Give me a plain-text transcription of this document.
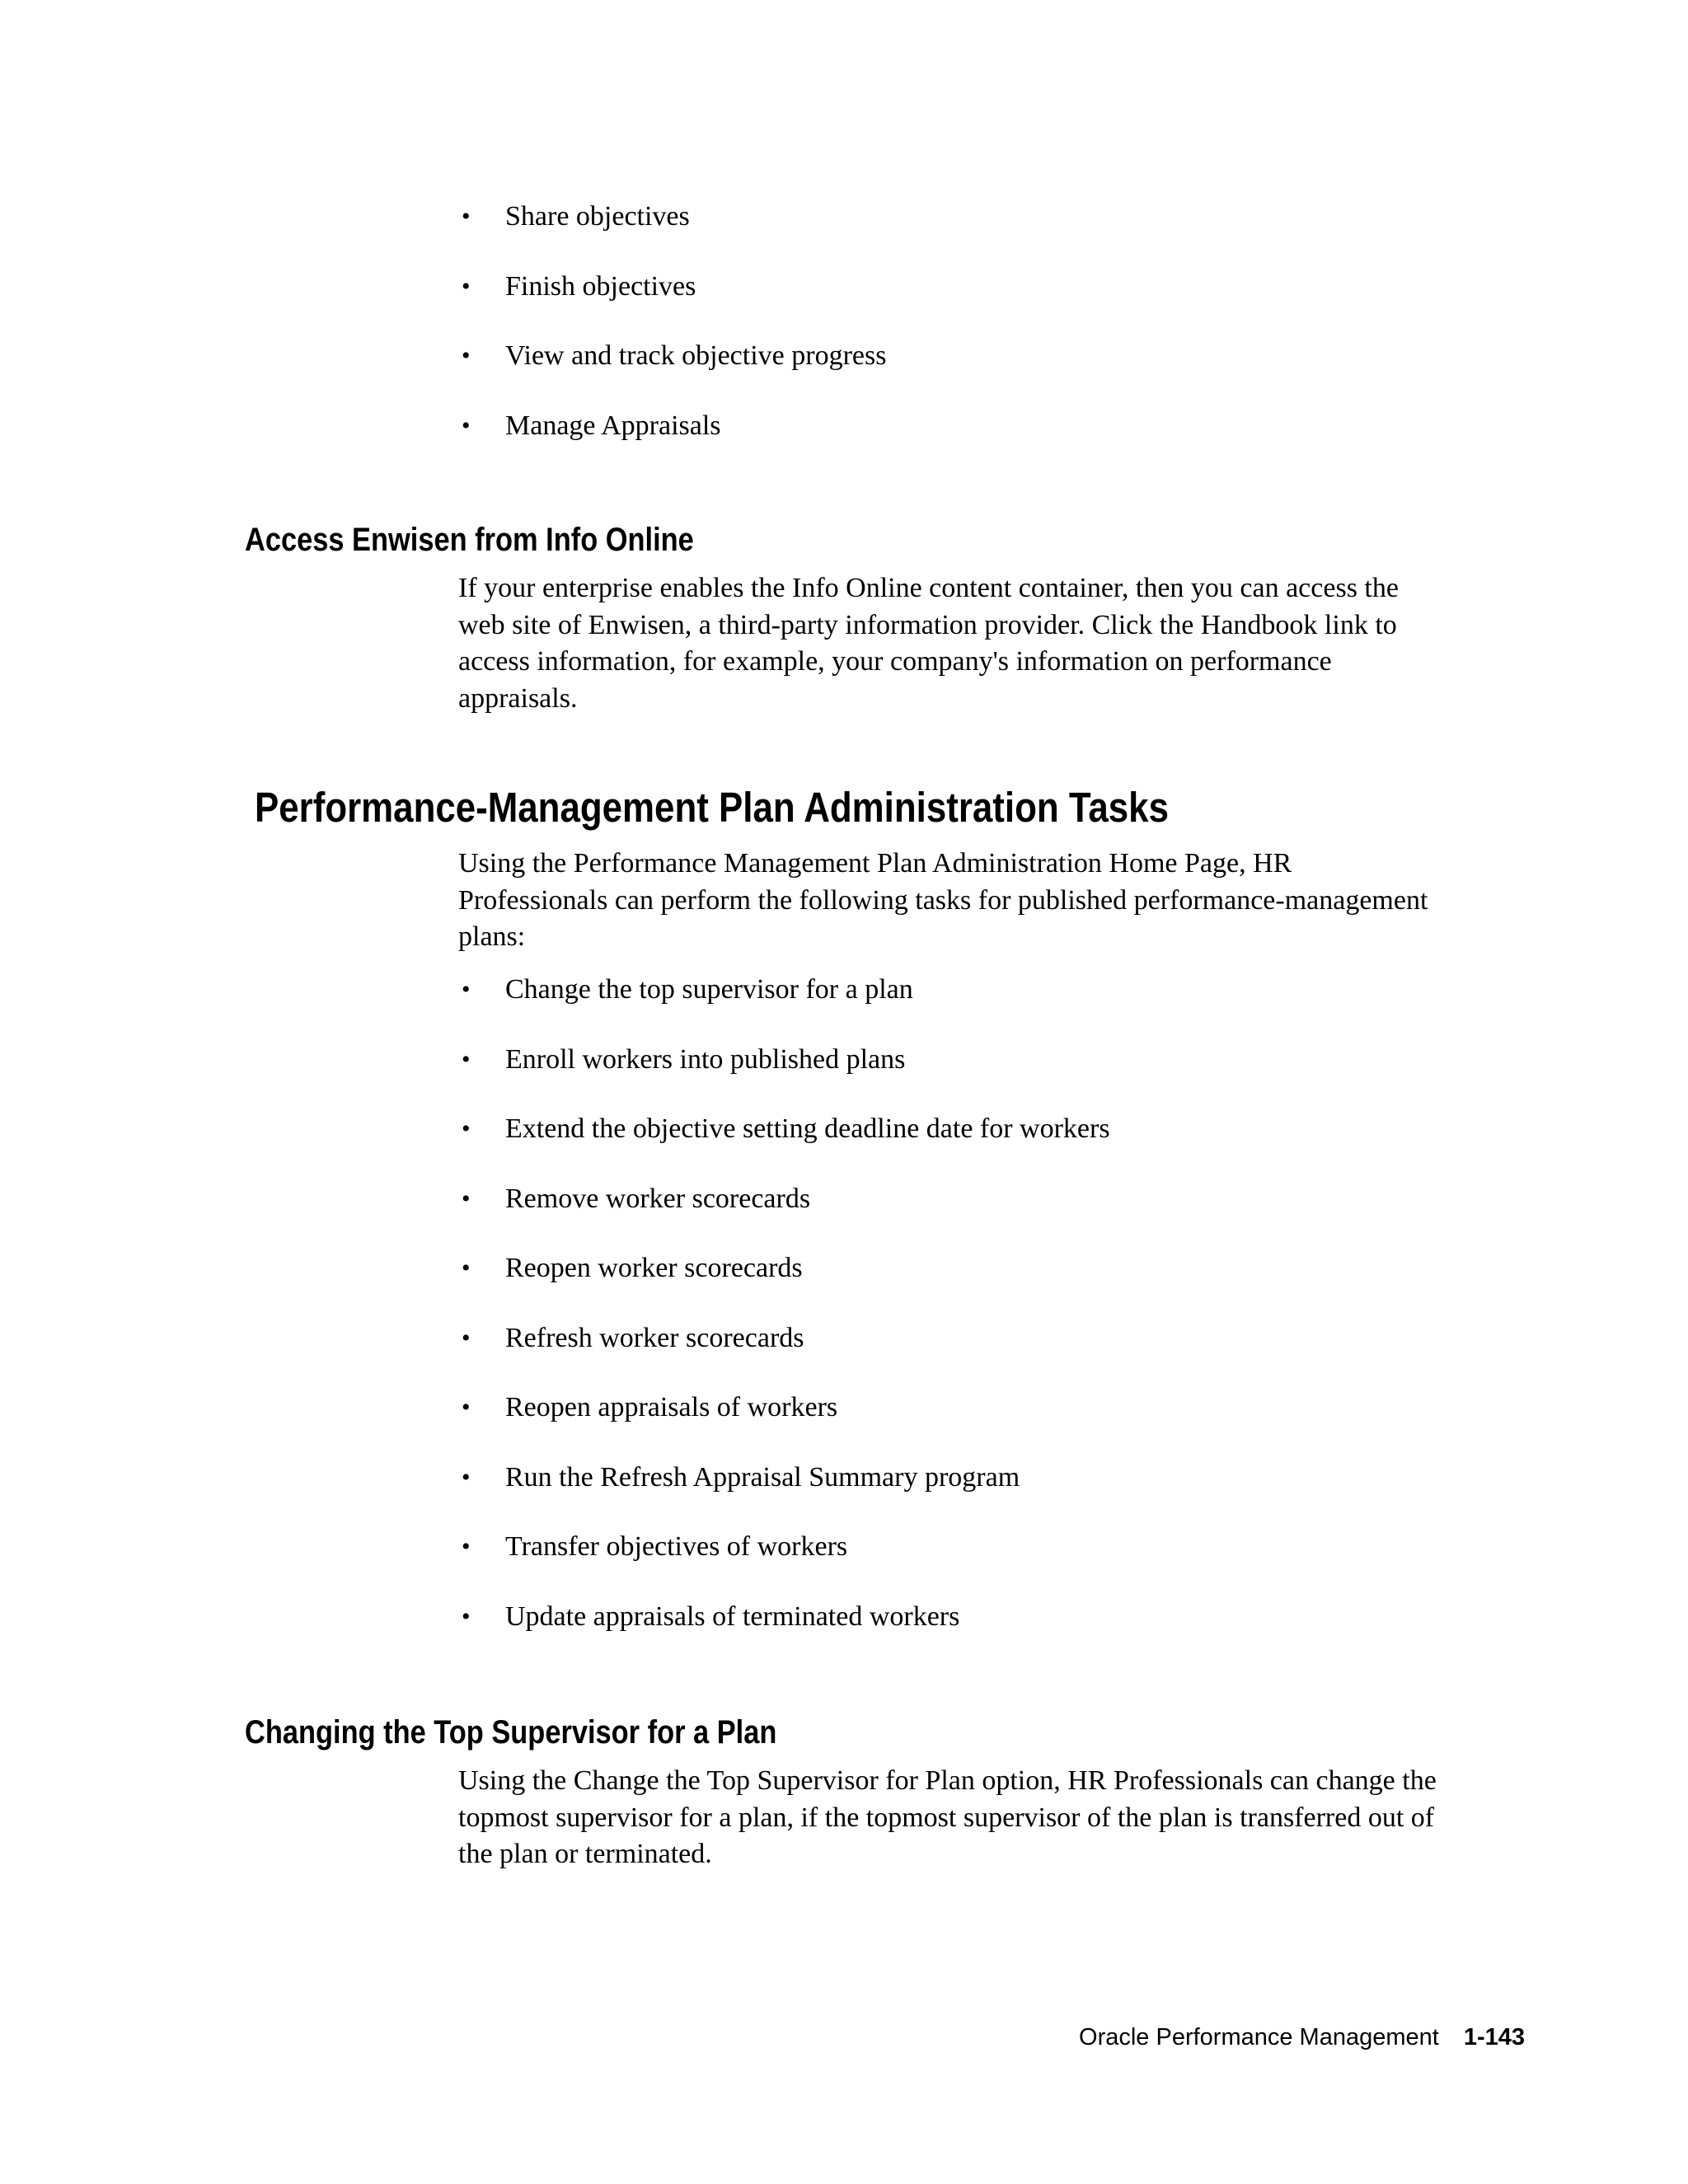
• Share objectives
• Finish objectives
• View and track objective progress
• Manage Appraisals
Access Enwisen from Info Online

If your enterprise enables the Info Online content container, then you can access the
web site of Enwisen, a third-party information provider. Click the Handbook link to
access information, for example, your company's information on performance
appraisals.

Performance-Management Plan Administration Tasks

Using the Performance Management Plan Administration Home Page, HR
Professionals can perform the following tasks for published performance-management
plans:

• Change the top supervisor for a plan
• Enroll workers into published plans
• Extend the objective setting deadline date for workers
• Remove worker scorecards
• Reopen worker scorecards
• Refresh worker scorecards
• Reopen appraisals of workers
• Run the Refresh Appraisal Summary program
• Transfer objectives of workers
• Update appraisals of terminated workers
Changing the Top Supervisor for a Plan

Using the Change the Top Supervisor for Plan option, HR Professionals can change the
topmost supervisor for a plan, if the topmost supervisor of the plan is transferred out of
the plan or terminated.

Oracle Performance Management 1-143
